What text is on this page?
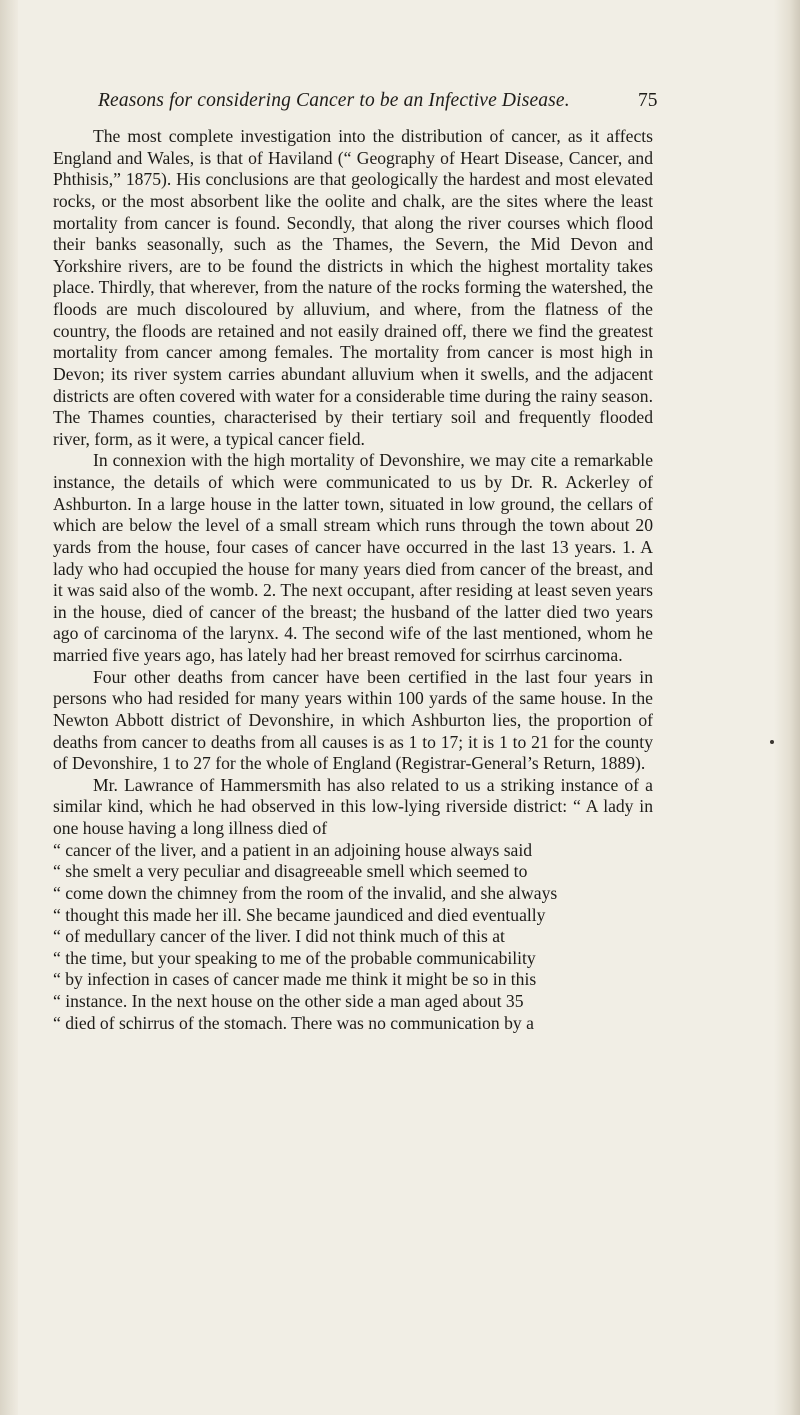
Reasons for considering Cancer to be an Infective Disease.	75

The most complete investigation into the distribution of cancer, as it affects England and Wales, is that of Haviland (“ Geography of Heart Disease, Cancer, and Phthisis,” 1875). His conclusions are that geologically the hardest and most elevated rocks, or the most absorbent like the oolite and chalk, are the sites where the least mortality from cancer is found. Secondly, that along the river courses which flood their banks seasonally, such as the Thames, the Severn, the Mid Devon and Yorkshire rivers, are to be found the districts in which the highest mortality takes place. Thirdly, that wherever, from the nature of the rocks forming the watershed, the floods are much discoloured by alluvium, and where, from the flatness of the country, the floods are retained and not easily drained off, there we find the greatest mortality from cancer among females. The mortality from cancer is most high in Devon; its river system carries abundant alluvium when it swells, and the adjacent districts are often covered with water for a considerable time during the rainy season. The Thames counties, characterised by their tertiary soil and frequently flooded river, form, as it were, a typical cancer field.

In connexion with the high mortality of Devonshire, we may cite a remarkable instance, the details of which were communicated to us by Dr. R. Ackerley of Ashburton. In a large house in the latter town, situated in low ground, the cellars of which are below the level of a small stream which runs through the town about 20 yards from the house, four cases of cancer have occurred in the last 13 years. 1. A lady who had occupied the house for many years died from cancer of the breast, and it was said also of the womb. 2. The next occupant, after residing at least seven years in the house, died of cancer of the breast; the husband of the latter died two years ago of carcinoma of the larynx. 4. The second wife of the last mentioned, whom he married five years ago, has lately had her breast removed for scirrhus carcinoma.

Four other deaths from cancer have been certified in the last four years in persons who had resided for many years within 100 yards of the same house. In the Newton Abbott district of Devonshire, in which Ashburton lies, the proportion of deaths from cancer to deaths from all causes is as 1 to 17; it is 1 to 21 for the county of Devonshire, 1 to 27 for the whole of England (Registrar-General’s Return, 1889).

Mr. Lawrance of Hammersmith has also related to us a striking instance of a similar kind, which he had observed in this low-lying riverside district: “ A lady in one house having a long illness died of

“ cancer of the liver, and a patient in an adjoining house always said

“ she smelt a very peculiar and disagreeable smell which seemed to

“ come down the chimney from the room of the invalid, and she always

“ thought this made her ill. She became jaundiced and died eventually

“ of medullary cancer of the liver. I did not think much of this at

“ the time, but your speaking to me of the probable communicability

“ by infection in cases of cancer made me think it might be so in this

“ instance. In the next house on the other side a man aged about 35

“ died of schirrus of the stomach. There was no communication by a
